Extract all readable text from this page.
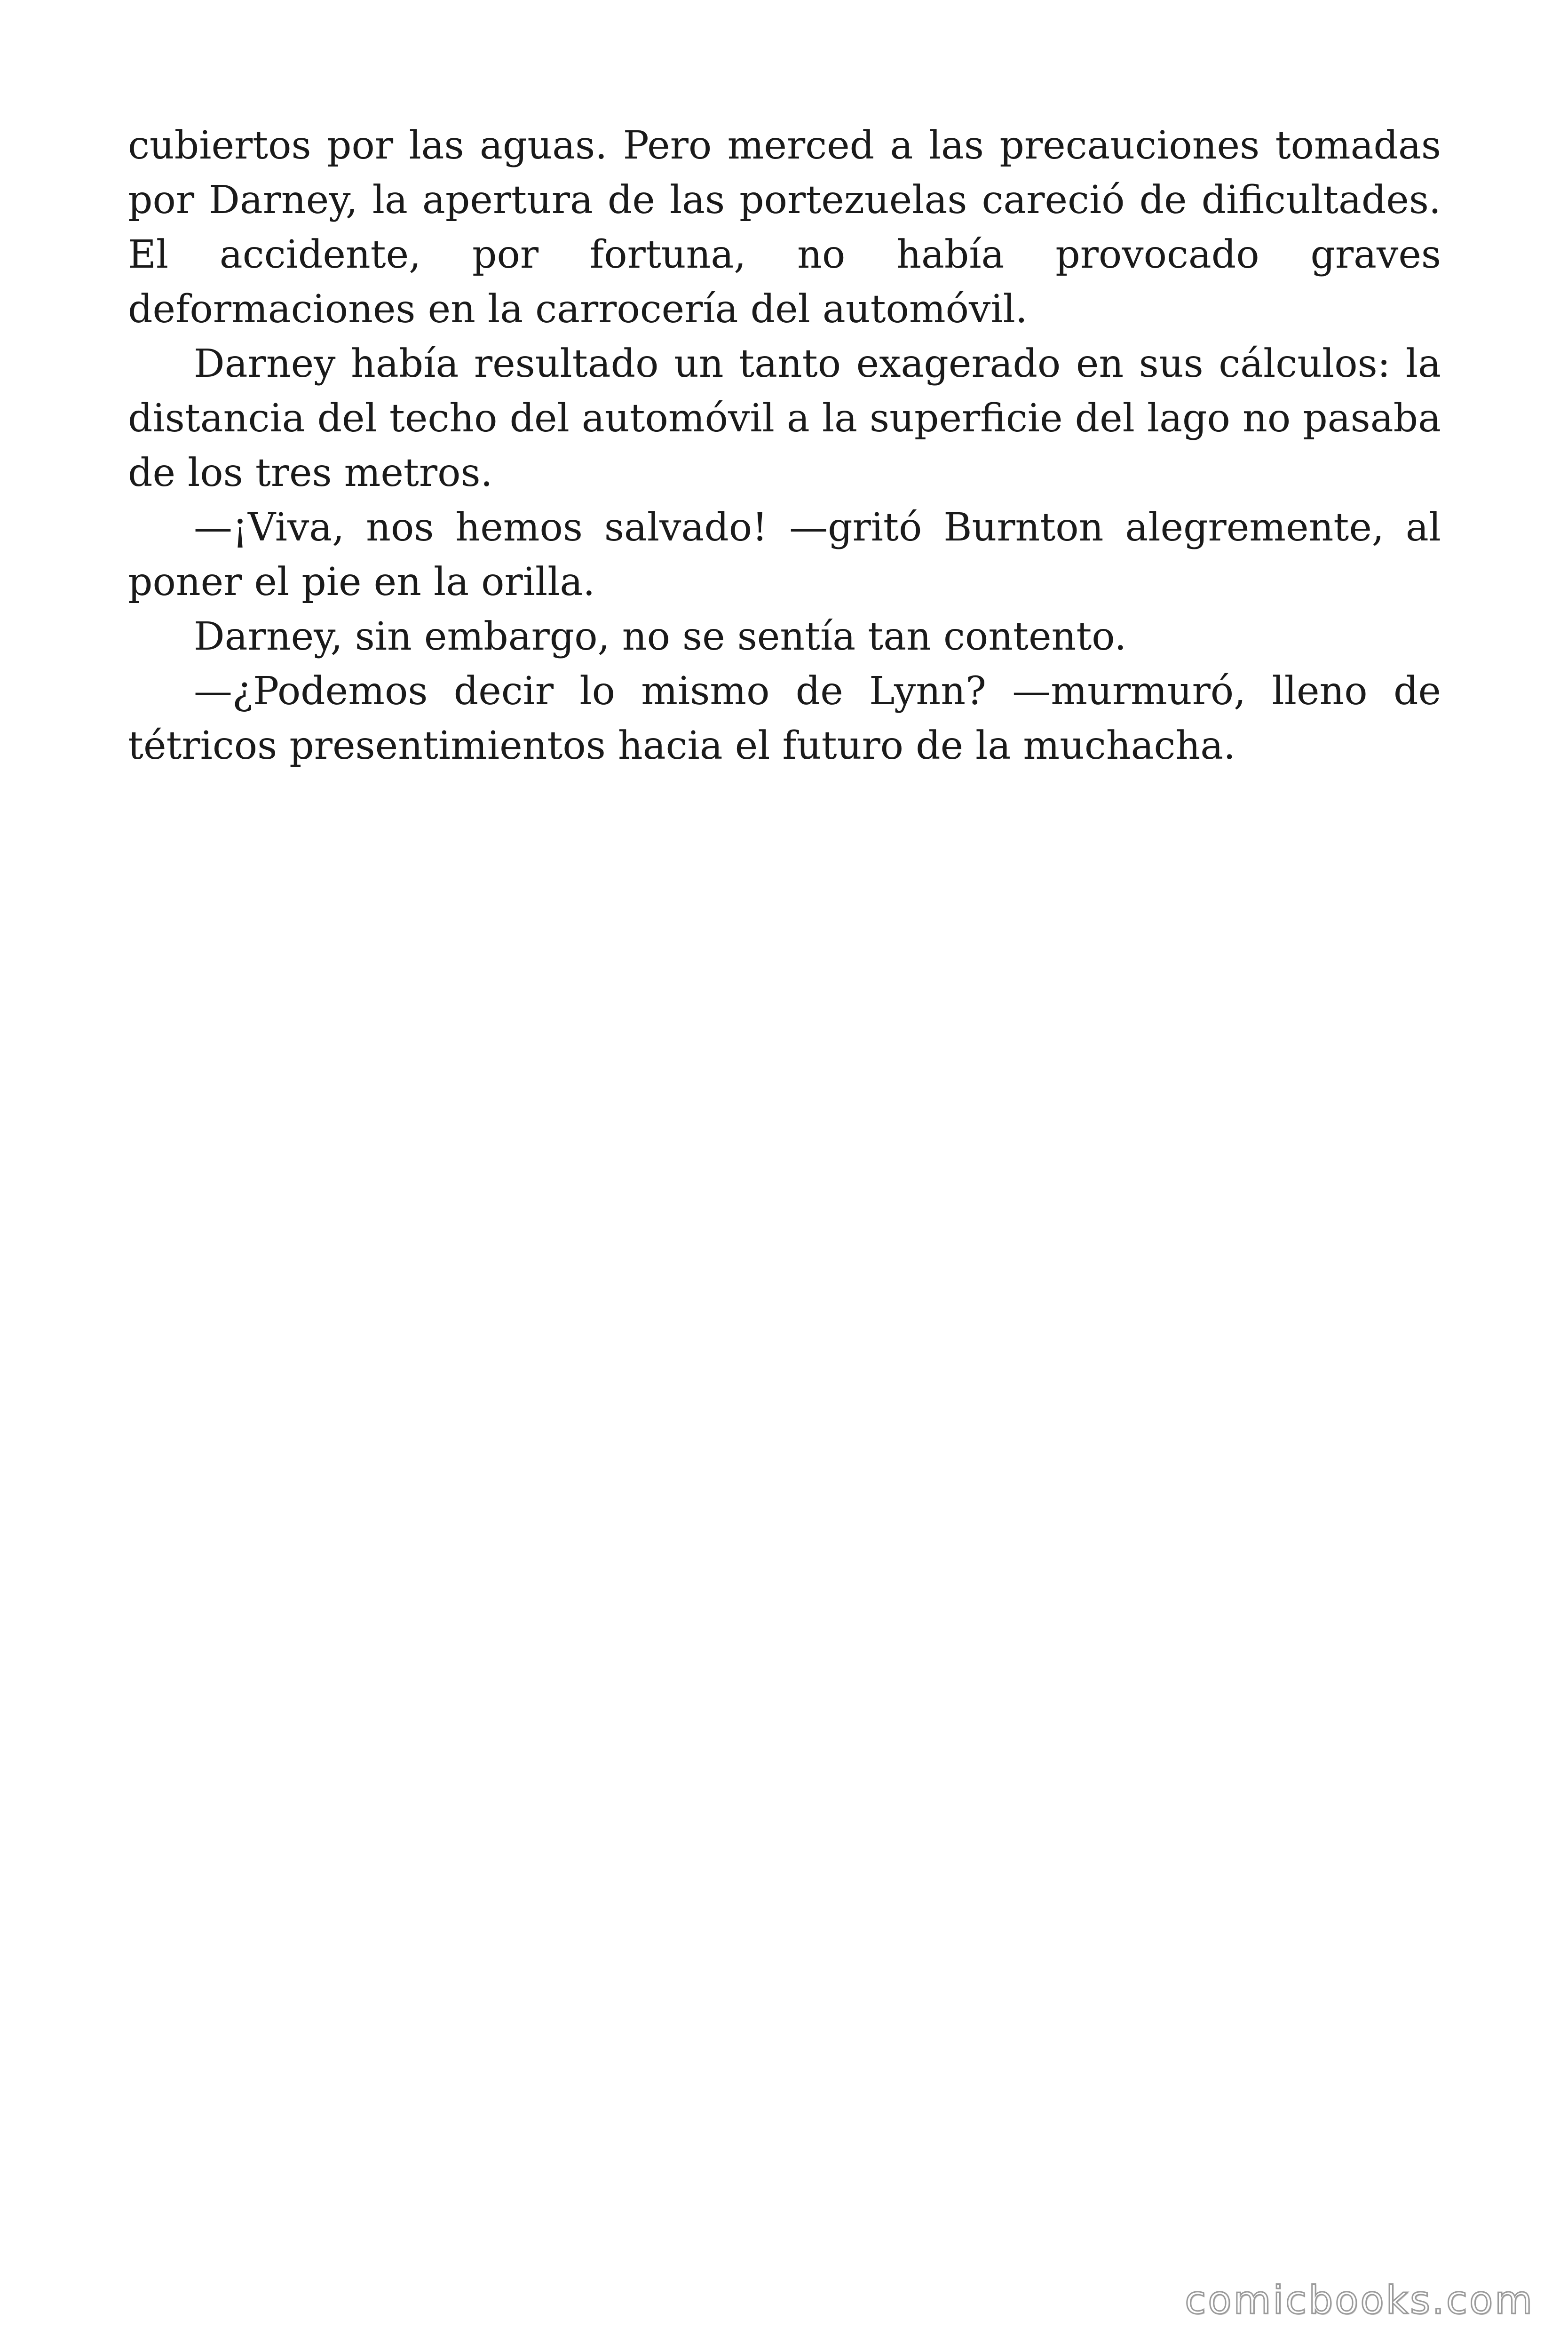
cubiertos por las aguas. Pero merced a las precauciones tomadas por Darney, la apertura de las portezuelas careció de dificultades. El accidente, por fortuna, no había provocado graves deformaciones en la carrocería del automóvil.

Darney había resultado un tanto exagerado en sus cálculos: la distancia del techo del automóvil a la superficie del lago no pasaba de los tres metros.

—¡Viva, nos hemos salvado! —gritó Burnton alegremente, al poner el pie en la orilla.

Darney, sin embargo, no se sentía tan contento.

—¿Podemos decir lo mismo de Lynn? —murmuró, lleno de tétricos presentimientos hacia el futuro de la muchacha.

comicbooks.com
